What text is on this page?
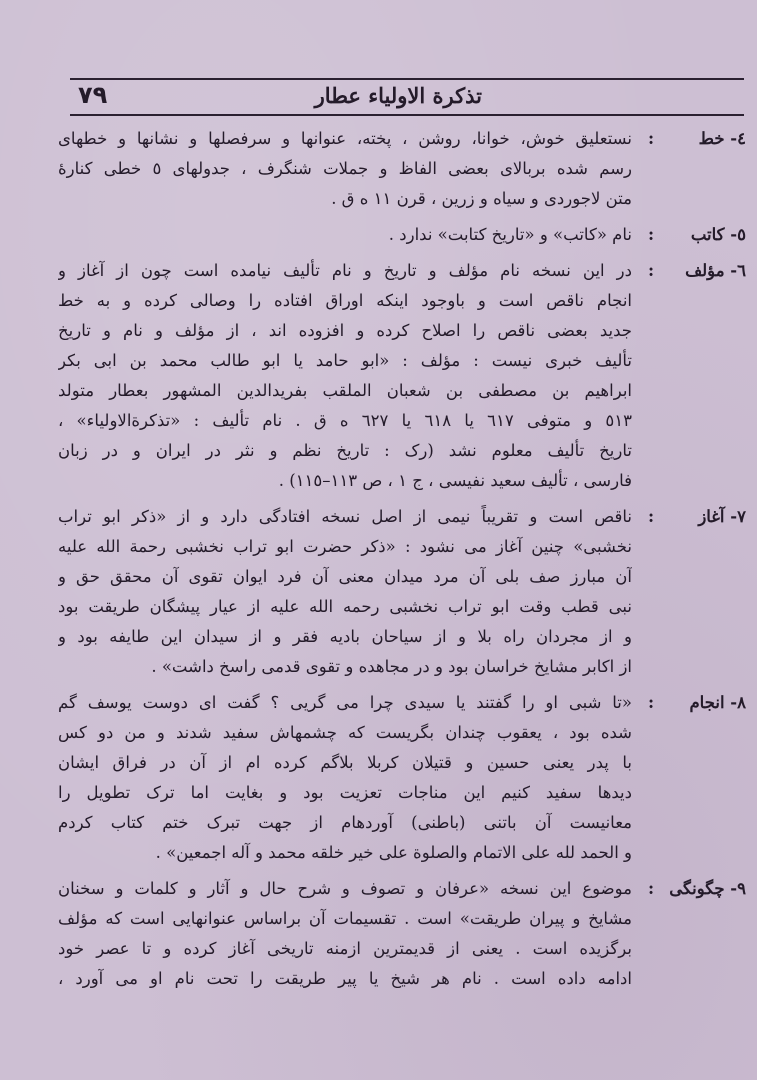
۷۹	تذکرة الاولیاء عطار
٤- خط
:
نستعلیق خوش، خوانا، روشن ، پخته، عنوانها و سرفصلها و نشانها و خطهای
رسم شده بربالای بعضی الفاظ و جملات شنگرف ، جدولهای ٥ خطی کنارهٔ
متن لاجوردی و سیاه و زرین ، قرن ١١ ه ق .
٥- کاتب
:
نام «کاتب» و «تاریخ کتابت» ندارد .
٦- مؤلف
:
در این نسخه نام مؤلف و تاریخ و نام تألیف نیامده است چون از آغاز و
انجام ناقص است و باوجود اینکه اوراق افتاده را وصالی کرده و به خط
جدید بعضی ناقص را اصلاح کرده و افزوده اند ، از مؤلف و نام و تاریخ
تألیف خبری نیست : مؤلف : «ابو حامد یا ابو طالب محمد بن ابی بکر
ابراهیم بن مصطفی بن شعبان الملقب بفریدالدین المشهور بعطار متولد
٥١٣ و متوفی ٦١٧ یا ٦١٨ یا ٦٢٧ ه ق . نام تألیف : «تذکرةالاولیاء» ،
تاریخ تألیف معلوم نشد (رک : تاریخ نظم و نثر در ایران و در زبان
فارسی ، تألیف سعید نفیسی ، ج ١ ، ص ١١٣–١١٥) .
٧- آغاز
:
ناقص است و تقریباً نیمی از اصل نسخه افتادگی دارد و از «ذکر ابو تراب
نخشبی» چنین آغاز می نشود : «ذکر حضرت ابو تراب نخشبی رحمة الله علیه
آن مبارز صف بلی آن مرد میدان معنی آن فرد ایوان تقوی آن محقق حق و
نبی قطب وقت ابو تراب نخشبی رحمه الله علیه از عیار پیشگان طریقت بود
و از مجردان راه بلا و از سیاحان بادیه فقر و از سیدان این طایفه بود و
از اکابر مشایخ خراسان بود و در مجاهده و تقوی قدمی راسخ داشت» .
٨- انجام
:
«تا شبی او را گفتند یا سیدی چرا می گریی ؟ گفت ای دوست یوسف گم
شده بود ، یعقوب چندان بگریست که چشمهاش سفید شدند و من دو کس
با پدر یعنی حسین و قتیلان کربلا بلاگم کرده ام از آن در فراق ایشان
دیدها سفید کنیم این مناجات تعزیت بود و بغایت اما ترک تطویل را
معانیست آن باتنی (باطنی) آوردهام از جهت تبرک ختم کتاب کردم
و الحمد لله علی الاتمام والصلوة علی خیر خلقه محمد و آله اجمعین» .
٩- چگونگی
:
موضوع این نسخه «عرفان و تصوف و شرح حال و آثار و کلمات و سخنان
مشایخ و پیران طریقت» است . تقسیمات آن براساس عنوانهایی است که مؤلف
برگزیده است . یعنی از قدیمترین ازمنه تاریخی آغاز کرده و تا عصر خود
ادامه داده است . نام هر شیخ یا پیر طریقت را تحت نام او می آورد ،
